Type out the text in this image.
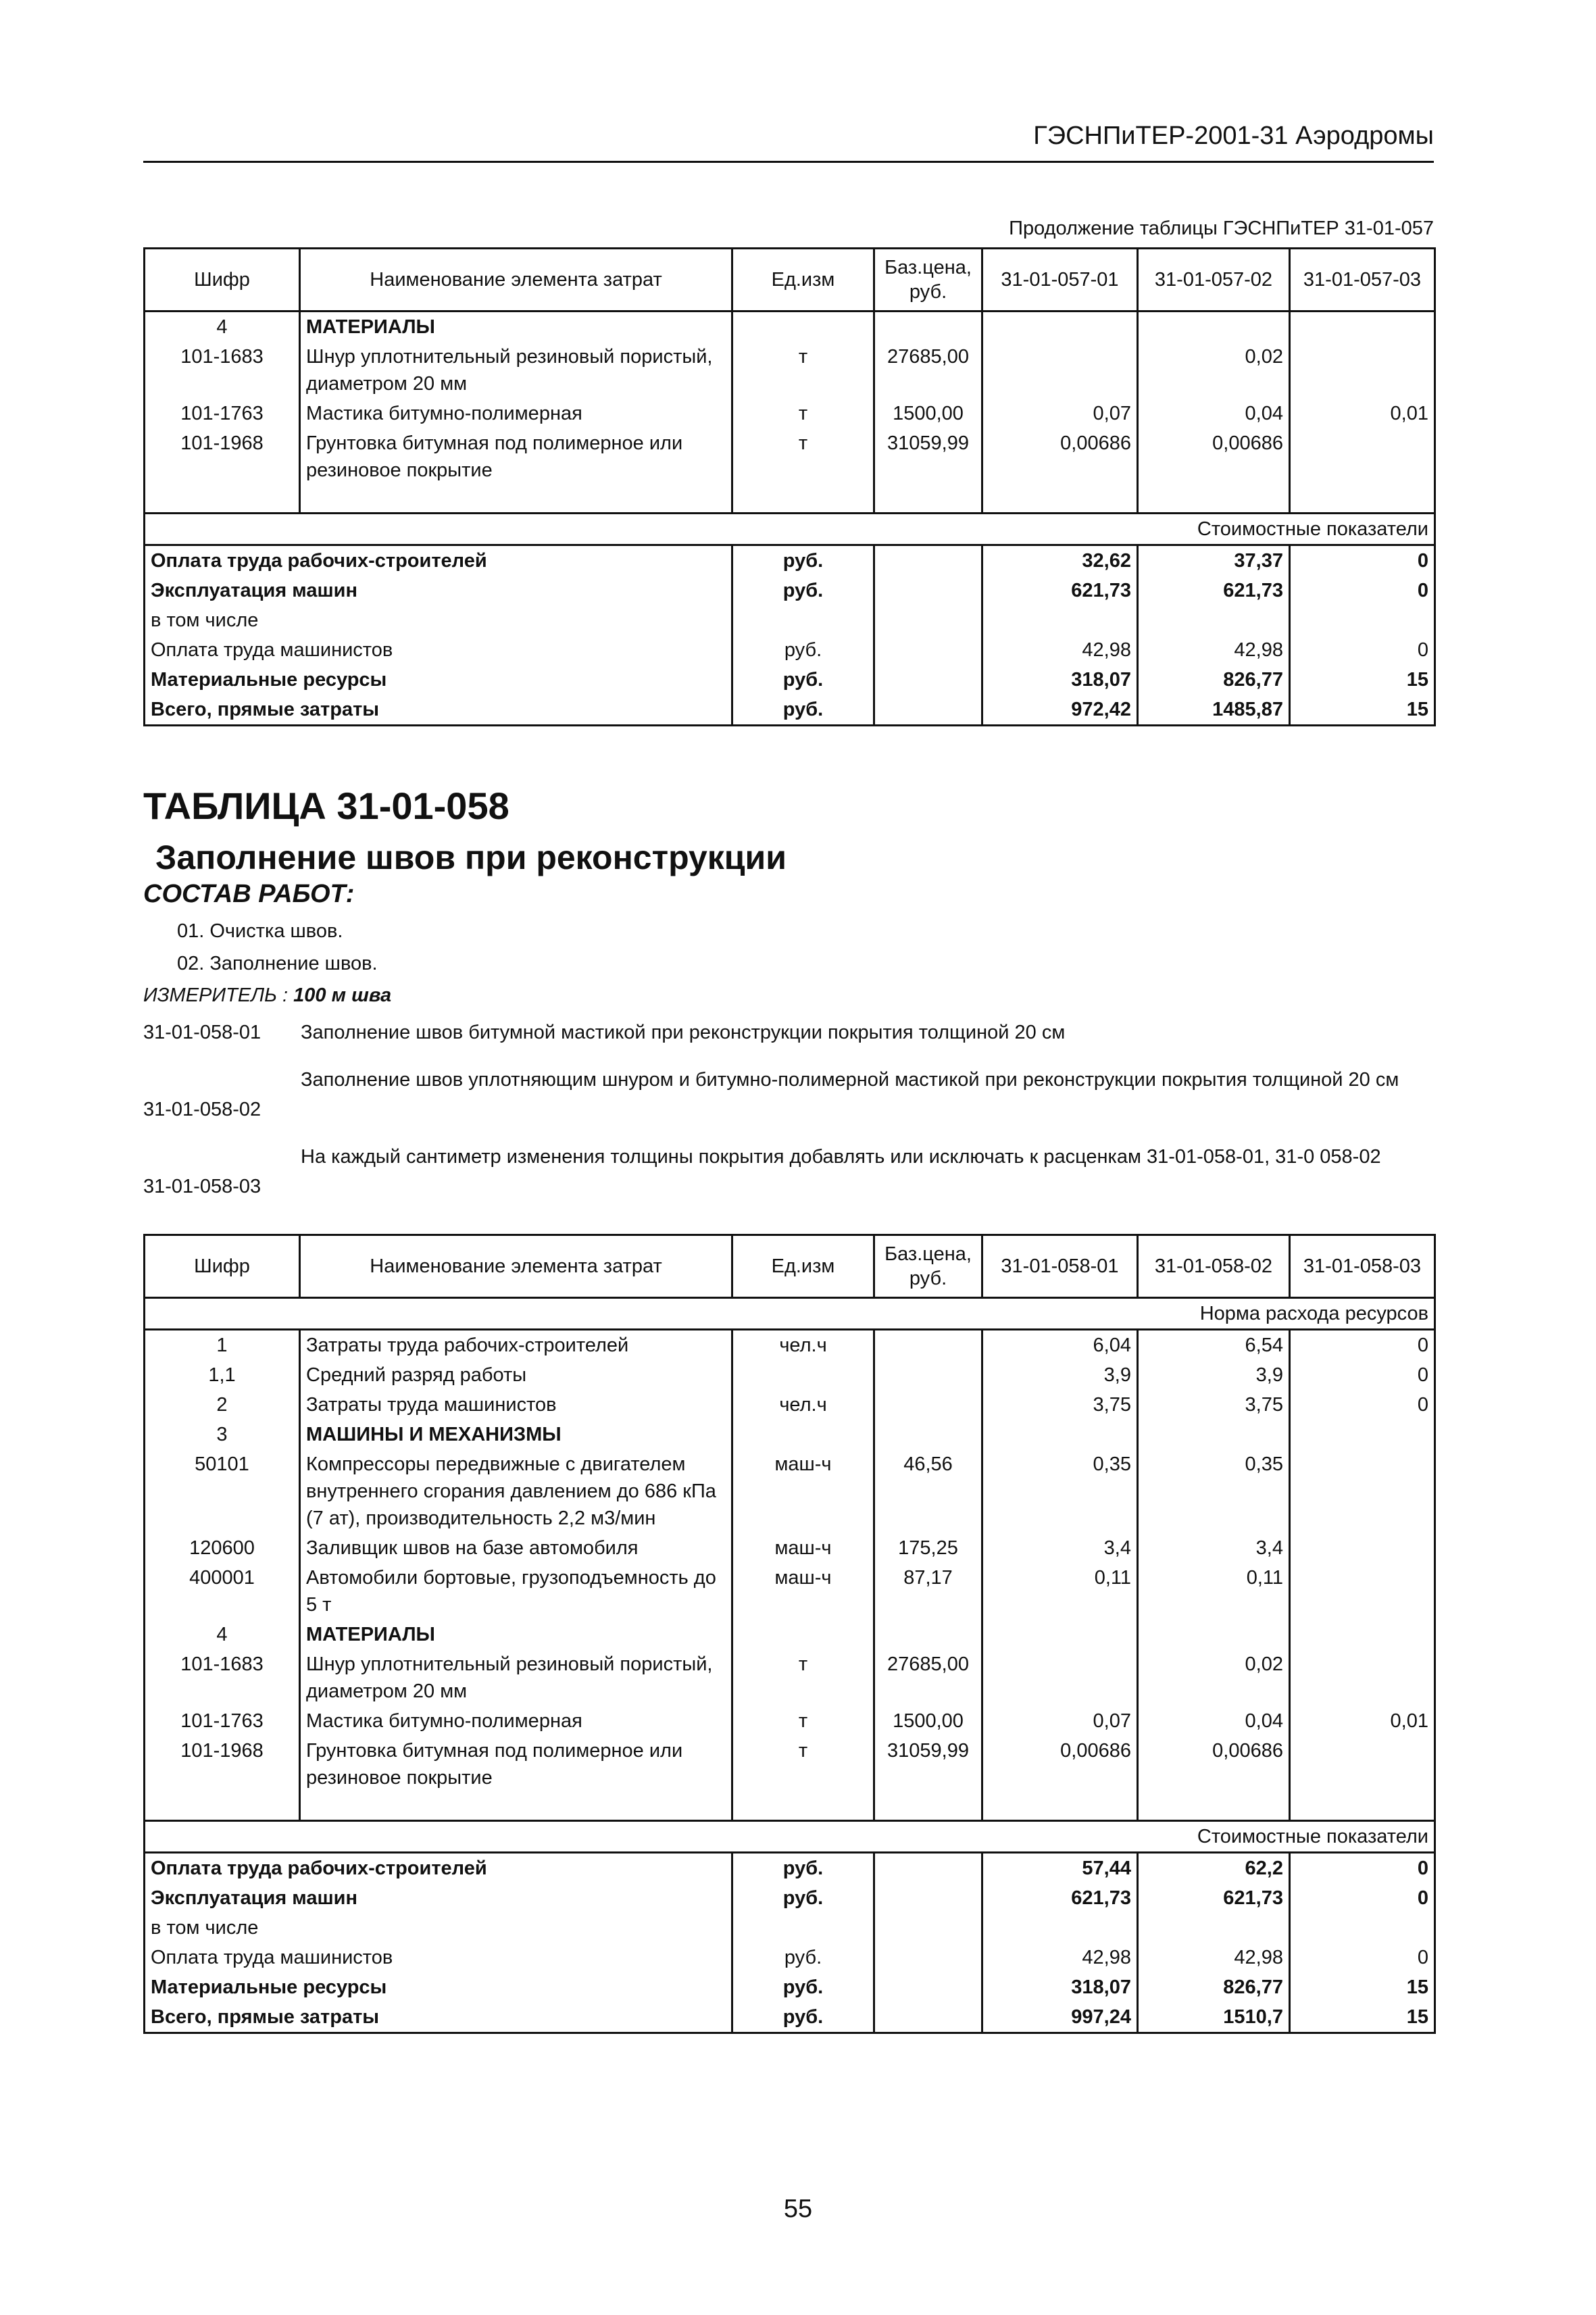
ГЭСНПиТЕР-2001-31 Аэродромы
Продолжение таблицы ГЭСНПиТЕР 31-01-057
Шифр	Наименование элемента затрат	Ед.изм	Баз.цена, руб.	31-01-057-01	31-01-057-02	31-01-057-03
4	МАТЕРИАЛЫ					
101-1683	Шнур уплотнительный резиновый пористый, диаметром 20 мм	т	27685,00		0,02	
101-1763	Мастика битумно-полимерная	т	1500,00	0,07	0,04	0,01
101-1968	Грунтовка битумная под полимерное или резиновое покрытие	т	31059,99	0,00686	0,00686	
Стоимостные показатели						
Оплата труда рабочих-строителей		руб.		32,62	37,37	0
Эксплуатация машин		руб.		621,73	621,73	0
в том числе						
Оплата труда машинистов		руб.		42,98	42,98	0
Материальные ресурсы		руб.		318,07	826,77	15
Всего, прямые затраты		руб.		972,42	1485,87	15
ТАБЛИЦА 31-01-058
Заполнение швов при реконструкции
СОСТАВ РАБОТ:
01. Очистка швов.
02. Заполнение швов.
ИЗМЕРИТЕЛЬ : 100 м шва
31-01-058-01 Заполнение швов битумной мастикой при реконструкции покрытия толщиной 20 см
31-01-058-02
Заполнение швов уплотняющим шнуром и битумно-полимерной мастикой при реконструкции покрытия толщиной 20 см
31-01-058-03
На каждый сантиметр изменения толщины покрытия добавлять или исключать к расценкам 31-01-058-01, 31-0 058-02
Шифр	Наименование элемента затрат	Ед.изм	Баз.цена, руб.	31-01-058-01	31-01-058-02	31-01-058-03
Норма расхода ресурсов						
1	Затраты труда рабочих-строителей	чел.ч		6,04	6,54	0
1,1	Средний разряд работы			3,9	3,9	0
2	Затраты труда машинистов	чел.ч		3,75	3,75	0
3	МАШИНЫ И МЕХАНИЗМЫ					
50101	Компрессоры передвижные с двигателем внутреннего сгорания давлением до 686 кПа (7 ат), производительность 2,2 м3/мин	маш-ч	46,56	0,35	0,35	
120600	Заливщик швов на базе автомобиля	маш-ч	175,25	3,4	3,4	
400001	Автомобили бортовые, грузоподъемность до 5 т	маш-ч	87,17	0,11	0,11	
4	МАТЕРИАЛЫ					
101-1683	Шнур уплотнительный резиновый пористый, диаметром 20 мм	т	27685,00		0,02	
101-1763	Мастика битумно-полимерная	т	1500,00	0,07	0,04	0,01
101-1968	Грунтовка битумная под полимерное или резиновое покрытие	т	31059,99	0,00686	0,00686	
Стоимостные показатели						
Оплата труда рабочих-строителей		руб.		57,44	62,2	0
Эксплуатация машин		руб.		621,73	621,73	0
в том числе						
Оплата труда машинистов		руб.		42,98	42,98	0
Материальные ресурсы		руб.		318,07	826,77	15
Всего, прямые затраты		руб.		997,24	1510,7	15
55
